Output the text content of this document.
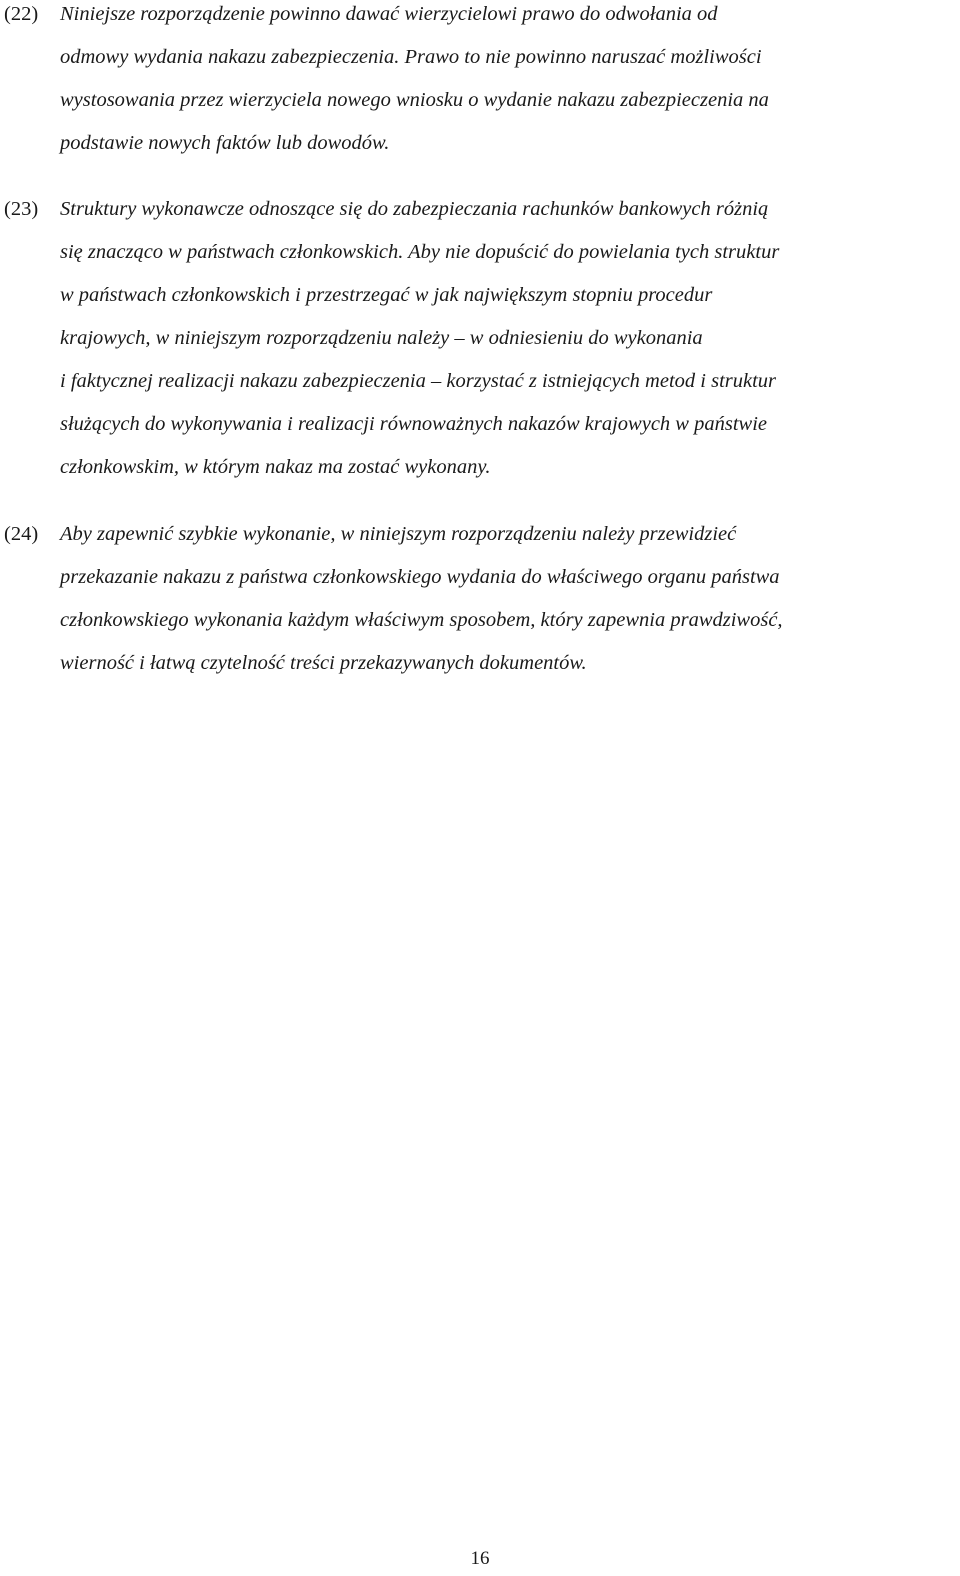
(22) Niniejsze rozporządzenie powinno dawać wierzycielowi prawo do odwołania od
odmowy wydania nakazu zabezpieczenia. Prawo to nie powinno naruszać możliwości
wystosowania przez wierzyciela nowego wniosku o wydanie nakazu zabezpieczenia na
podstawie nowych faktów lub dowodów.
(23) Struktury wykonawcze odnoszące się do zabezpieczania rachunków bankowych różnią
się znacząco w państwach członkowskich. Aby nie dopuścić do powielania tych struktur
w państwach członkowskich i przestrzegać w jak największym stopniu procedur
krajowych, w niniejszym rozporządzeniu należy – w odniesieniu do wykonania
i faktycznej realizacji nakazu zabezpieczenia – korzystać z istniejących metod i struktur
służących do wykonywania i realizacji równoważnych nakazów krajowych w państwie
członkowskim, w którym nakaz ma zostać wykonany.
(24) Aby zapewnić szybkie wykonanie, w niniejszym rozporządzeniu należy przewidzieć
przekazanie nakazu z państwa członkowskiego wydania do właściwego organu państwa
członkowskiego wykonania każdym właściwym sposobem, który zapewnia prawdziwość,
wierność i łatwą czytelność treści przekazywanych dokumentów.
16
